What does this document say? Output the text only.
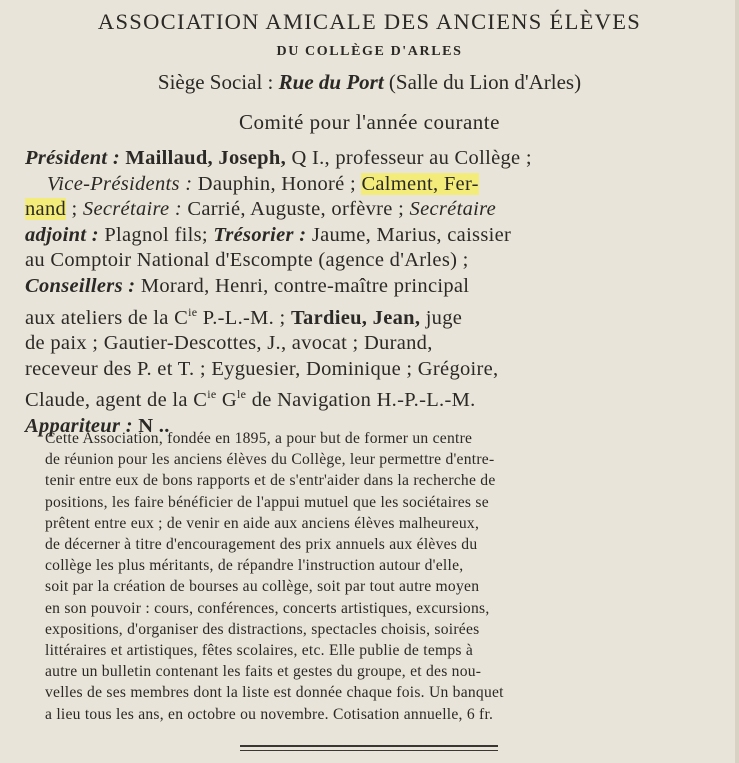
ASSOCIATION AMICALE DES ANCIENS ÉLÈVES
DU COLLÈGE D'ARLES
Siège Social : Rue du Port (Salle du Lion d'Arles)
Comité pour l'année courante
Président : Maillaud, Joseph, Q I., professeur au Collège ;
Vice-Présidents : Dauphin, Honoré ; Calment, Fer-
nand ; Secrétaire : Carrié, Auguste, orfèvre ; Secrétaire
adjoint : Plagnol fils; Trésorier : Jaume, Marius, caissier
au Comptoir National d'Escompte (agence d'Arles) ;
Conseillers : Morard, Henri, contre-maître principal
aux ateliers de la $C^{ie}$ P.-L.-M. ; Tardieu, Jean, juge
de paix ; Gautier-Descottes, J., avocat ; Durand,
receveur des P. et T. ; Eyguesier, Dominique ; Grégoire,
Claude, agent de la $C^{ie}$ $G^{le}$ de Navigation H.-P.-L.-M.
Appariteur : N ..
Cette Association, fondée en 1895, a pour but de former un centre
de réunion pour les anciens élèves du Collège, leur permettre d'entre-
tenir entre eux de bons rapports et de s'entr'aider dans la recherche de
positions, les faire bénéficier de l'appui mutuel que les sociétaires se
prêtent entre eux ; de venir en aide aux anciens élèves malheureux,
de décerner à titre d'encouragement des prix annuels aux élèves du
collège les plus méritants, de répandre l'instruction autour d'elle,
soit par la création de bourses au collège, soit par tout autre moyen
en son pouvoir : cours, conférences, concerts artistiques, excursions,
expositions, d'organiser des distractions, spectacles choisis, soirées
littéraires et artistiques, fêtes scolaires, etc. Elle publie de temps à
autre un bulletin contenant les faits et gestes du groupe, et des nou-
velles de ses membres dont la liste est donnée chaque fois. Un banquet
a lieu tous les ans, en octobre ou novembre. Cotisation annuelle, 6 fr.
